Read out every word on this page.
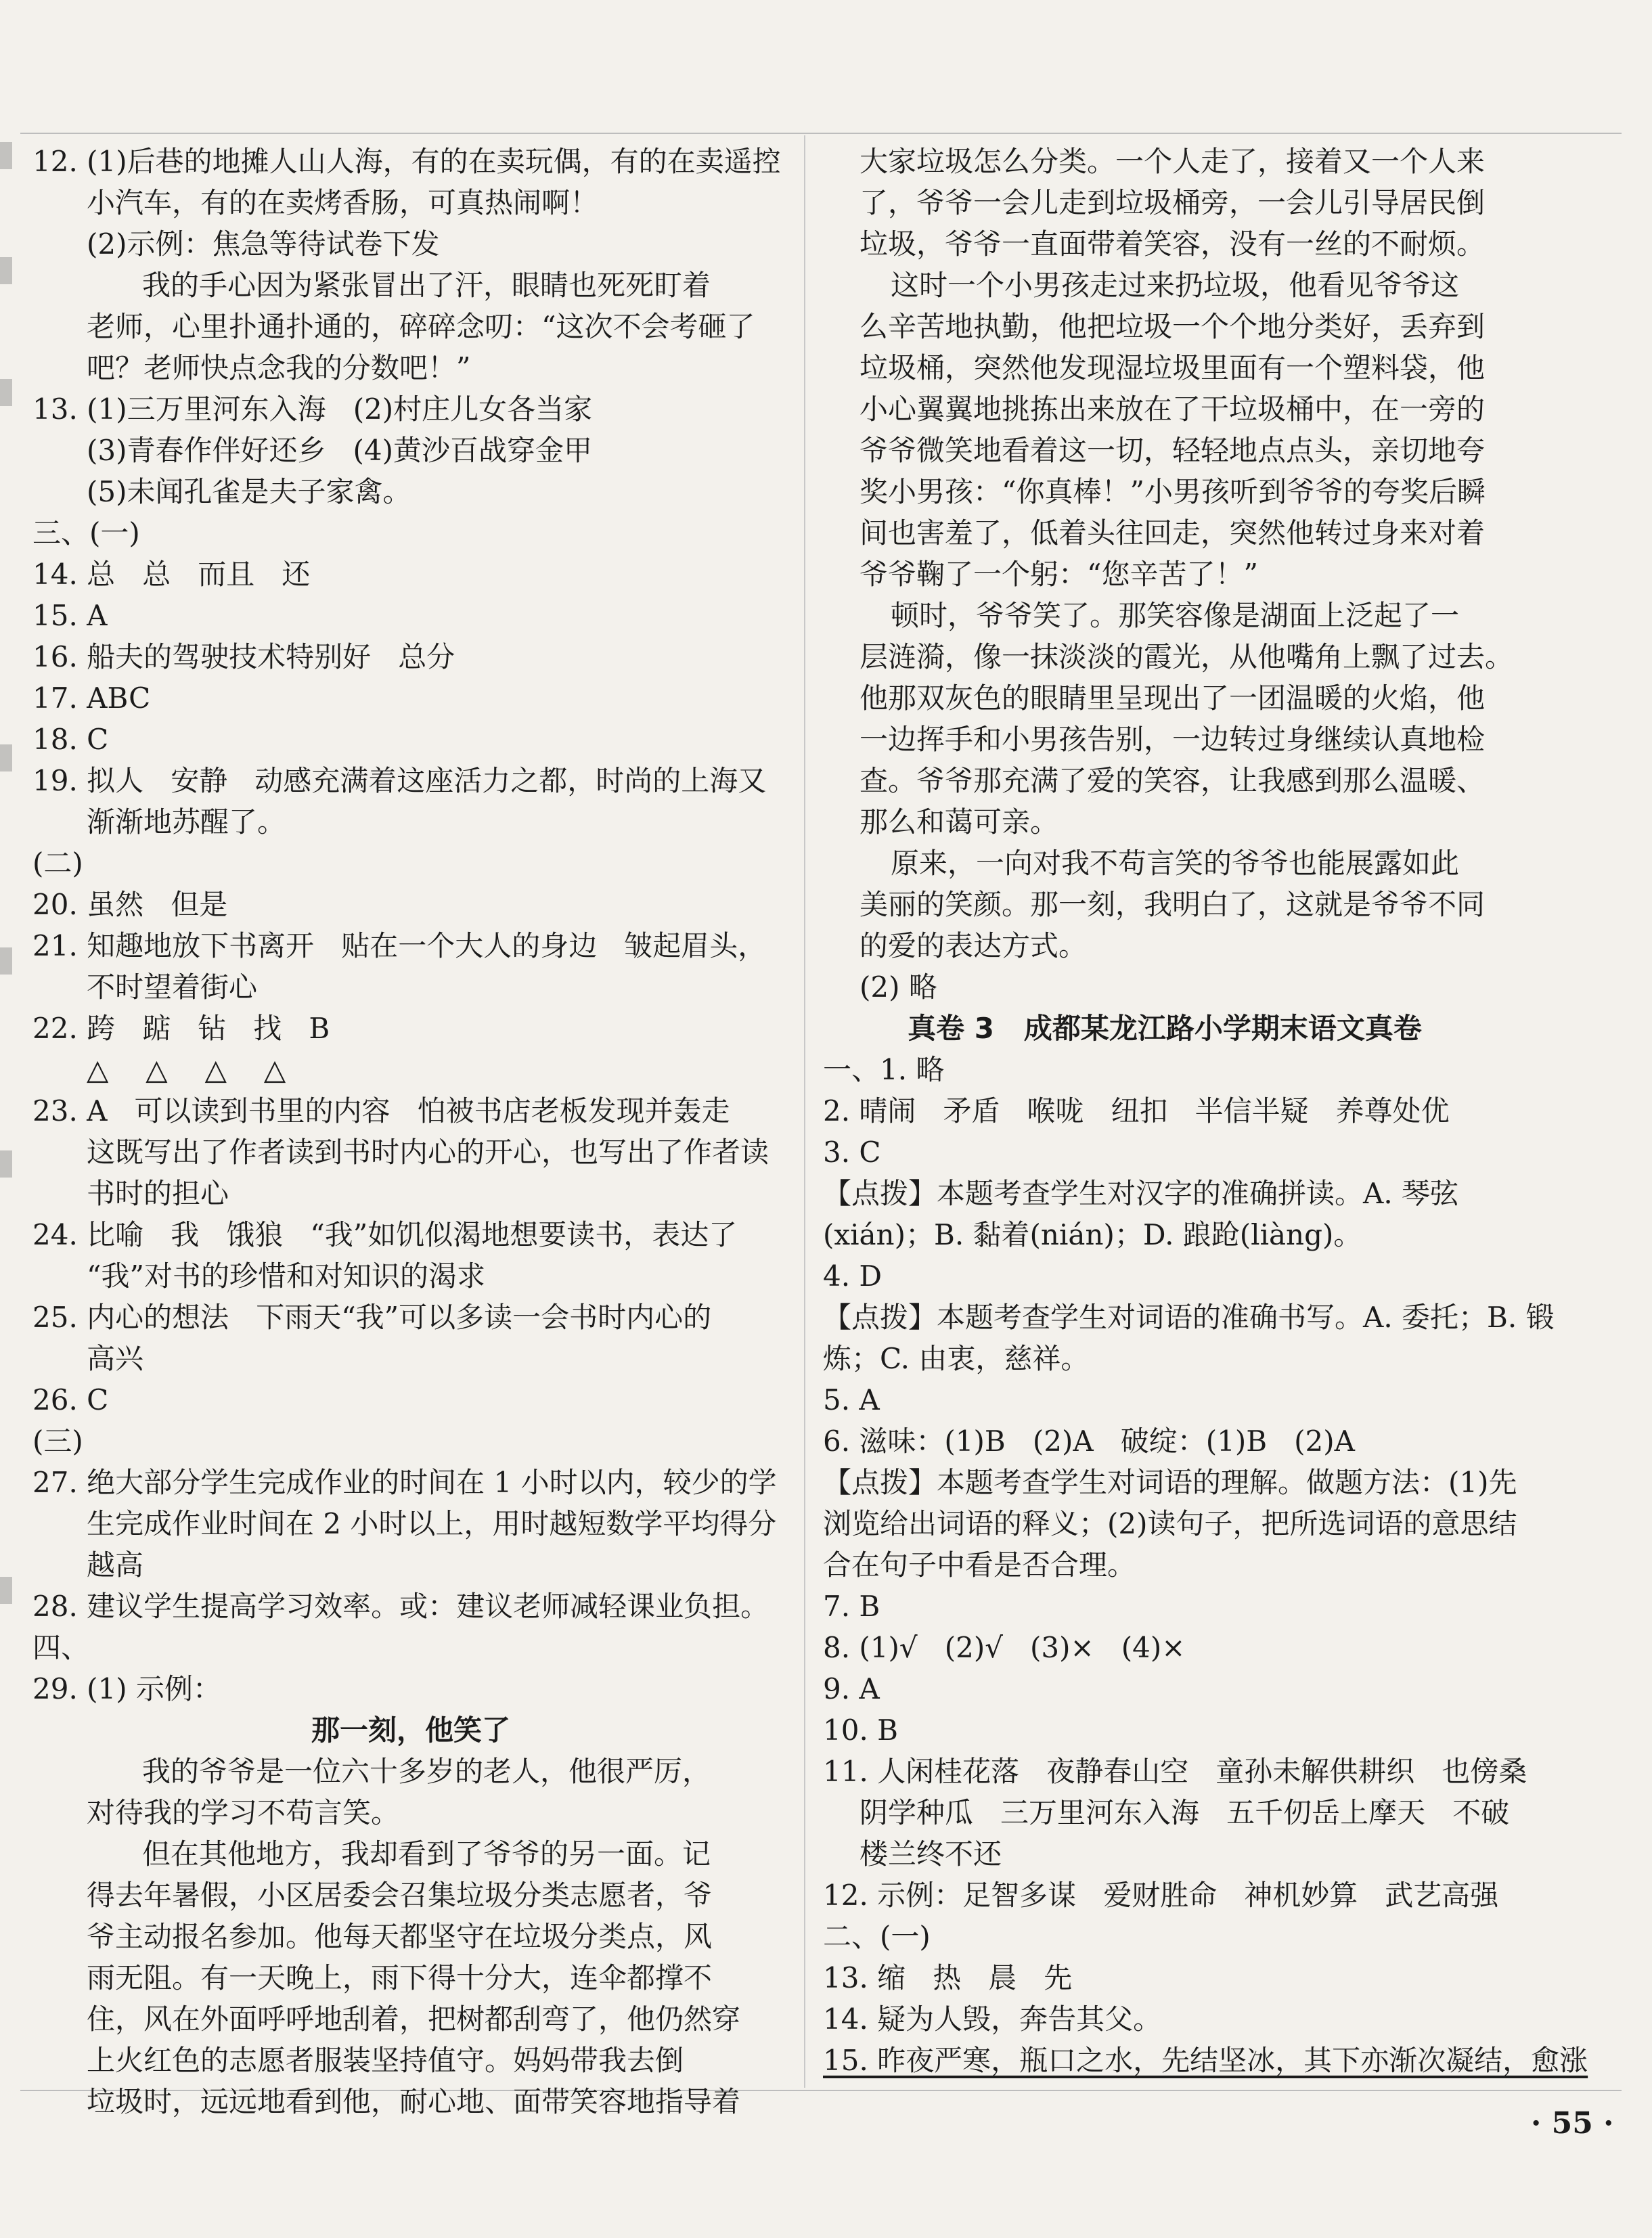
12. (1)后巷的地摊人山人海，有的在卖玩偶，有的在卖遥控
小汽车，有的在卖烤香肠，可真热闹啊！
(2)示例：焦急等待试卷下发
我的手心因为紧张冒出了汗，眼睛也死死盯着
老师，心里扑通扑通的，碎碎念叨：“这次不会考砸了
吧？老师快点念我的分数吧！”
13. (1)三万里河东入海   (2)村庄儿女各当家
(3)青春作伴好还乡   (4)黄沙百战穿金甲
(5)未闻孔雀是夫子家禽。
三、(一)
14. 总   总   而且   还
15. A
16. 船夫的驾驶技术特别好   总分
17. ABC
18. C
19. 拟人   安静   动感充满着这座活力之都，时尚的上海又
渐渐地苏醒了。
(二)
20. 虽然   但是
21. 知趣地放下书离开   贴在一个大人的身边   皱起眉头，
不时望着街心
22. 跨   踮   钻   找   B
△△△△
23. A   可以读到书里的内容   怕被书店老板发现并轰走
这既写出了作者读到书时内心的开心，也写出了作者读
书时的担心
24. 比喻   我   饿狼   “我”如饥似渴地想要读书，表达了
“我”对书的珍惜和对知识的渴求
25. 内心的想法   下雨天“我”可以多读一会书时内心的
高兴
26. C
(三)
27. 绝大部分学生完成作业的时间在 1 小时以内，较少的学
生完成作业时间在 2 小时以上，用时越短数学平均得分
越高
28. 建议学生提高学习效率。或：建议老师减轻课业负担。
四、
29. (1) 示例：
那一刻，他笑了
我的爷爷是一位六十多岁的老人，他很严厉，
对待我的学习不苟言笑。
但在其他地方，我却看到了爷爷的另一面。记
得去年暑假，小区居委会召集垃圾分类志愿者，爷
爷主动报名参加。他每天都坚守在垃圾分类点，风
雨无阻。有一天晚上，雨下得十分大，连伞都撑不
住，风在外面呼呼地刮着，把树都刮弯了，他仍然穿
上火红色的志愿者服装坚持值守。妈妈带我去倒
垃圾时，远远地看到他，耐心地、面带笑容地指导着
大家垃圾怎么分类。一个人走了，接着又一个人来
了，爷爷一会儿走到垃圾桶旁，一会儿引导居民倒
垃圾，爷爷一直面带着笑容，没有一丝的不耐烦。
这时一个小男孩走过来扔垃圾，他看见爷爷这
么辛苦地执勤，他把垃圾一个个地分类好，丢弃到
垃圾桶，突然他发现湿垃圾里面有一个塑料袋，他
小心翼翼地挑拣出来放在了干垃圾桶中，在一旁的
爷爷微笑地看着这一切，轻轻地点点头，亲切地夸
奖小男孩：“你真棒！”小男孩听到爷爷的夸奖后瞬
间也害羞了，低着头往回走，突然他转过身来对着
爷爷鞠了一个躬：“您辛苦了！”
顿时，爷爷笑了。那笑容像是湖面上泛起了一
层涟漪，像一抹淡淡的霞光，从他嘴角上飘了过去。
他那双灰色的眼睛里呈现出了一团温暖的火焰，他
一边挥手和小男孩告别，一边转过身继续认真地检
查。爷爷那充满了爱的笑容，让我感到那么温暖、
那么和蔼可亲。
原来，一向对我不苟言笑的爷爷也能展露如此
美丽的笑颜。那一刻，我明白了，这就是爷爷不同
的爱的表达方式。
(2) 略
真卷 3   成都某龙江路小学期末语文真卷
一、1. 略
2. 晴闹   矛盾   喉咙   纽扣   半信半疑   养尊处优
3. C
【点拨】本题考查学生对汉字的准确拼读。A. 琴弦
(xián)；B. 黏着(nián)；D. 踉跄(liàng)。
4. D
【点拨】本题考查学生对词语的准确书写。A. 委托；B. 锻
炼；C. 由衷，慈祥。
5. A
6. 滋味：(1)B   (2)A   破绽：(1)B   (2)A
【点拨】本题考查学生对词语的理解。做题方法：(1)先
浏览给出词语的释义；(2)读句子，把所选词语的意思结
合在句子中看是否合理。
7. B
8. (1)√   (2)√   (3)×   (4)×
9. A
10. B
11. 人闲桂花落   夜静春山空   童孙未解供耕织   也傍桑
阴学种瓜   三万里河东入海   五千仞岳上摩天   不破
楼兰终不还
12. 示例：足智多谋   爱财胜命   神机妙算   武艺高强
二、(一)
13. 缩   热   晨   先
14. 疑为人毁，奔告其父。
15. 昨夜严寒，瓶口之水，先结坚冰，其下亦渐次凝结，愈涨
· 55 ·
